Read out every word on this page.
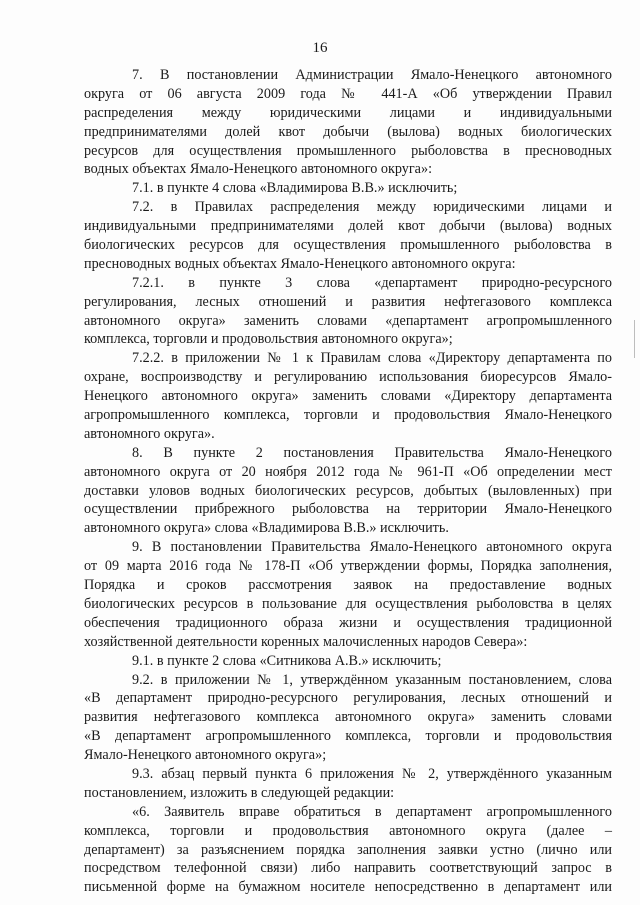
16
7. В постановлении Администрации Ямало-Ненецкого автономного
округа от 06 августа 2009 года № 441-А «Об утверждении Правил
распределения между юридическими лицами и индивидуальными
предпринимателями долей квот добычи (вылова) водных биологических
ресурсов для осуществления промышленного рыболовства в пресноводных
водных объектах Ямало-Ненецкого автономного округа»:
7.1. в пункте 4 слова «Владимирова В.В.» исключить;
7.2. в Правилах распределения между юридическими лицами и
индивидуальными предпринимателями долей квот добычи (вылова) водных
биологических ресурсов для осуществления промышленного рыболовства в
пресноводных водных объектах Ямало-Ненецкого автономного округа:
7.2.1. в пункте 3 слова «департамент природно-ресурсного
регулирования, лесных отношений и развития нефтегазового комплекса
автономного округа» заменить словами «департамент агропромышленного
комплекса, торговли и продовольствия автономного округа»;
7.2.2. в приложении № 1 к Правилам слова «Директору департамента по
охране, воспроизводству и регулированию использования биоресурсов Ямало-
Ненецкого автономного округа» заменить словами «Директору департамента
агропромышленного комплекса, торговли и продовольствия Ямало-Ненецкого
автономного округа».
8. В пункте 2 постановления Правительства Ямало-Ненецкого
автономного округа от 20 ноября 2012 года № 961-П «Об определении мест
доставки уловов водных биологических ресурсов, добытых (выловленных) при
осуществлении прибрежного рыболовства на территории Ямало-Ненецкого
автономного округа» слова «Владимирова В.В.» исключить.
9. В постановлении Правительства Ямало-Ненецкого автономного округа
от 09 марта 2016 года № 178-П «Об утверждении формы, Порядка заполнения,
Порядка и сроков рассмотрения заявок на предоставление водных
биологических ресурсов в пользование для осуществления рыболовства в целях
обеспечения традиционного образа жизни и осуществления традиционной
хозяйственной деятельности коренных малочисленных народов Севера»:
9.1. в пункте 2 слова «Ситникова А.В.» исключить;
9.2. в приложении № 1, утверждённом указанным постановлением, слова
«В департамент природно-ресурсного регулирования, лесных отношений и
развития нефтегазового комплекса автономного округа» заменить словами
«В департамент агропромышленного комплекса, торговли и продовольствия
Ямало-Ненецкого автономного округа»;
9.3. абзац первый пункта 6 приложения № 2, утверждённого указанным
постановлением, изложить в следующей редакции:
«6. Заявитель вправе обратиться в департамент агропромышленного
комплекса, торговли и продовольствия автономного округа (далее –
департамент) за разъяснением порядка заполнения заявки устно (лично или
посредством телефонной связи) либо направить соответствующий запрос в
письменной форме на бумажном носителе непосредственно в департамент или
